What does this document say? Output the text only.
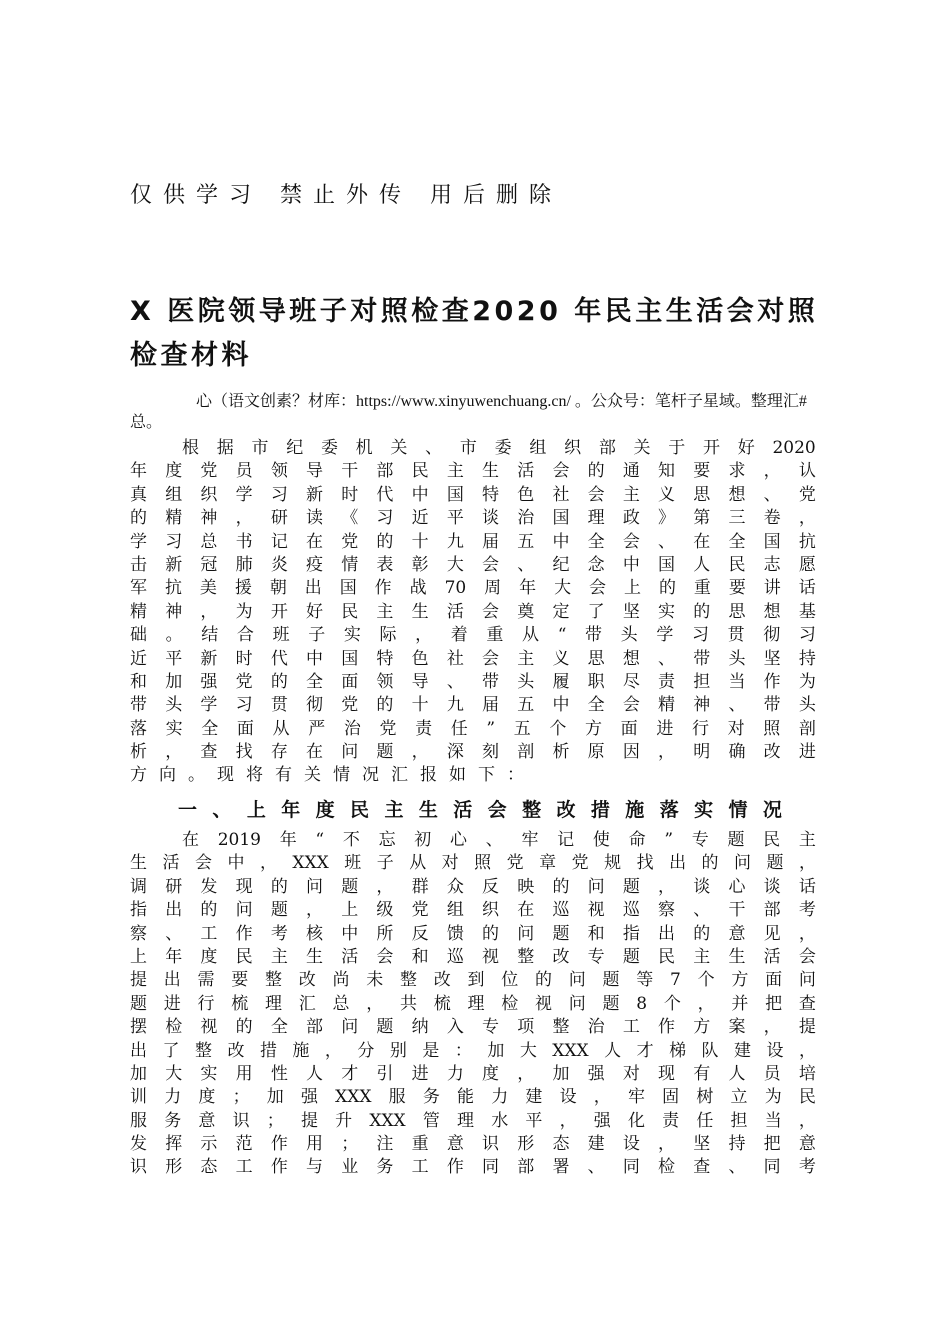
仅供学习 禁止外传 用后删除
X 医院领导班子对照检查2020 年民主生活会对照检查材料

心（语文创素？材库：https://www.xinyuwenchuang.cn/ 。公众号：笔杆子星域。整理汇# 总。

根 据 市 纪 委 机 关 、 市 委 组 织 部 关 于 开 好 2020
年 度 党 员 领 导 干 部 民 主 生 活 会 的 通 知 要 求 ， 认
真 组 织 学 习 新 时 代 中 国 特 色 社 会 主 义 思 想 、 党
的 精 神 ， 研 读 《 习 近 平 谈 治 国 理 政 》 第 三 卷 ，
学 习 总 书 记 在 党 的 十 九 届 五 中 全 会 、 在 全 国 抗
击 新 冠 肺 炎 疫 情 表 彰 大 会 、 纪 念 中 国 人 民 志 愿
军 抗 美 援 朝 出 国 作 战 70 周 年 大 会 上 的 重 要 讲 话
精 神 ， 为 开 好 民 主 生 活 会 奠 定 了 坚 实 的 思 想 基
础 。 结 合 班 子 实 际 ， 着 重 从 “ 带 头 学 习 贯 彻 习
近 平 新 时 代 中 国 特 色 社 会 主 义 思 想 、 带 头 坚 持
和 加 强 党 的 全 面 领 导 、 带 头 履 职 尽 责 担 当 作 为
带 头 学 习 贯 彻 党 的 十 九 届 五 中 全 会 精 神 、 带 头
落 实 全 面 从 严 治 党 责 任 ” 五 个 方 面 进 行 对 照 剖
析 ， 查 找 存 在 问 题 ， 深 刻 剖 析 原 因 ， 明 确 改 进
方 向 。 现 将 有 关 情 况 汇 报 如 下 ：
一 、 上 年 度 民 主 生 活 会 整 改 措 施 落 实 情 况
在 2019 年 “ 不 忘 初 心 、 牢 记 使 命 ” 专 题 民 主
生 活 会 中 ， XXX 班 子 从 对 照 党 章 党 规 找 出 的 问 题 ，
调 研 发 现 的 问 题 ， 群 众 反 映 的 问 题 ， 谈 心 谈 话
指 出 的 问 题 ， 上 级 党 组 织 在 巡 视 巡 察 、 干 部 考
察 、 工 作 考 核 中 所 反 馈 的 问 题 和 指 出 的 意 见 ，
上 年 度 民 主 生 活 会 和 巡 视 整 改 专 题 民 主 生 活 会
提 出 需 要 整 改 尚 未 整 改 到 位 的 问 题 等 7 个 方 面 问
题 进 行 梳 理 汇 总 ， 共 梳 理 检 视 问 题 8 个 ， 并 把 查
摆 检 视 的 全 部 问 题 纳 入 专 项 整 治 工 作 方 案 ， 提
出 了 整 改 措 施 ， 分 别 是 ： 加 大 XXX 人 才 梯 队 建 设 ，
加 大 实 用 性 人 才 引 进 力 度 ， 加 强 对 现 有 人 员 培
训 力 度 ； 加 强 XXX 服 务 能 力 建 设 ， 牢 固 树 立 为 民
服 务 意 识 ； 提 升 XXX 管 理 水 平 ， 强 化 责 任 担 当 ，
发 挥 示 范 作 用 ； 注 重 意 识 形 态 建 设 ， 坚 持 把 意
识 形 态 工 作 与 业 务 工 作 同 部 署 、 同 检 查 、 同 考
